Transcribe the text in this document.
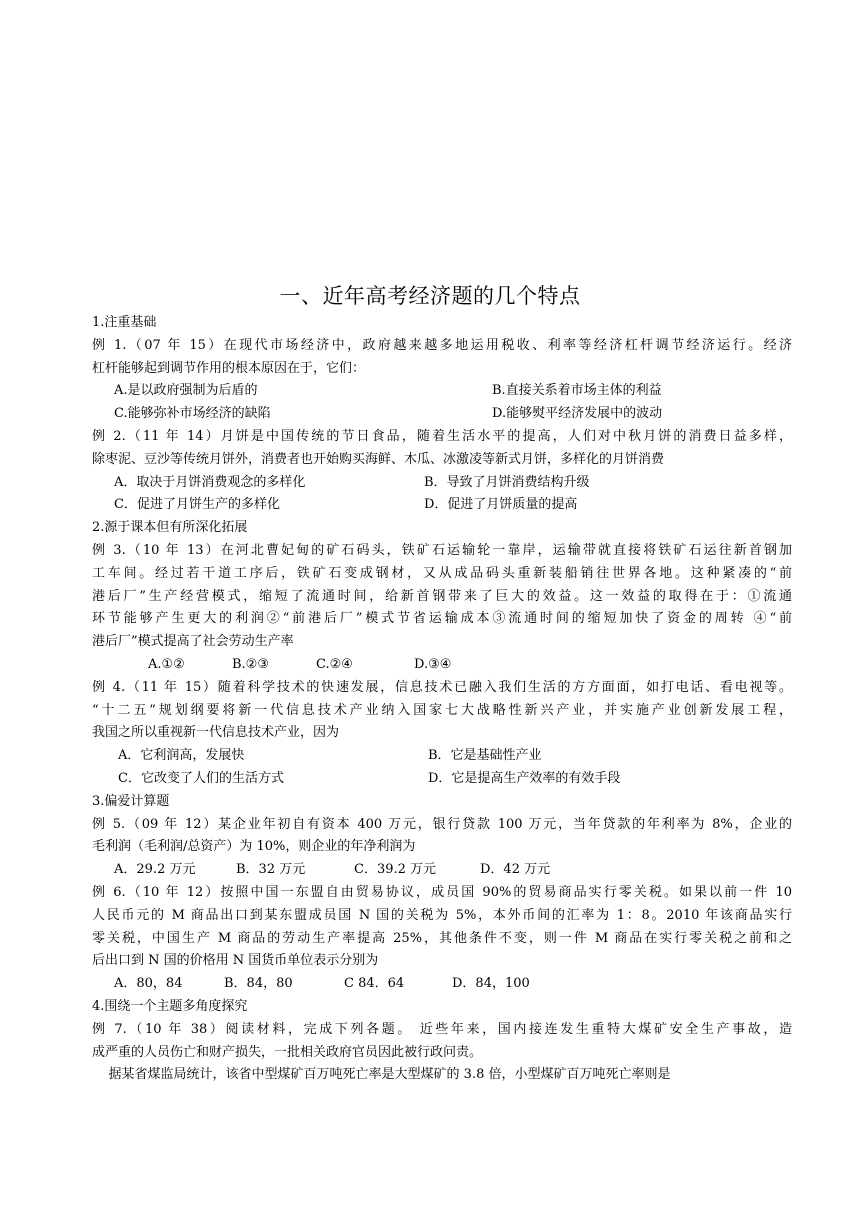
一、近年高考经济题的几个特点
1.注重基础
例 1.（07 年 15）在现代市场经济中，政府越来越多地运用税收、利率等经济杠杆调节经济运行。经济
杠杆能够起到调节作用的根本原因在于，它们：
A.是以政府强制为后盾的	B.直接关系着市场主体的利益
C.能够弥补市场经济的缺陷	D.能够熨平经济发展中的波动
例 2.（11 年 14）月饼是中国传统的节日食品，随着生活水平的提高，人们对中秋月饼的消费日益多样，
除枣泥、豆沙等传统月饼外，消费者也开始购买海鲜、木瓜、冰激凌等新式月饼，多样化的月饼消费
A．取决于月饼消费观念的多样化	B．导致了月饼消费结构升级
C．促进了月饼生产的多样化	D．促进了月饼质量的提高
2.源于课本但有所深化拓展
例 3.（10 年 13）在河北曹妃甸的矿石码头，铁矿石运输轮一靠岸，运输带就直接将铁矿石运往新首钢加
工车间。经过若干道工序后，铁矿石变成钢材，又从成品码头重新装船销往世界各地。这种紧凑的“前
港后厂”生产经营模式，缩短了流通时间，给新首钢带来了巨大的效益。这一效益的取得在于：①流通
环节能够产生更大的利润②“前港后厂”模式节省运输成本③流通时间的缩短加快了资金的周转 ④“前
港后厂”模式提高了社会劳动生产率
A.①②	B.②③	C.②④	D.③④
例 4.（11 年 15）随着科学技术的快速发展，信息技术已融入我们生活的方方面面，如打电话、看电视等。
“十二五”规划纲要将新一代信息技术产业纳入国家七大战略性新兴产业，并实施产业创新发展工程，
我国之所以重视新一代信息技术产业，因为
A．它利润高，发展快	B．它是基础性产业
C．它改变了人们的生活方式	D．它是提高生产效率的有效手段
3.偏爱计算题
例 5.（09 年 12）某企业年初自有资本 400 万元，银行贷款 100 万元，当年贷款的年利率为 8%，企业的
毛利润（毛利润/总资产）为 10%，则企业的年净利润为
A．29.2 万元	B．32 万元	C．39.2 万元	D．42 万元
例 6.（10 年 12）按照中国一东盟自由贸易协议，成员国 90%的贸易商品实行零关税。如果以前一件 10
人民币元的 M 商品出口到某东盟成员国 N 国的关税为 5%，本外币间的汇率为 1：8。2010 年该商品实行
零关税，中国生产 M 商品的劳动生产率提高 25%，其他条件不变，则一件 M 商品在实行零关税之前和之
后出口到 N 国的价格用 N 国货币单位表示分别为
A．80，84	B．84，80	C 84．64	D．84，100
4.围绕一个主题多角度探究
例 7.（10 年 38）阅读材料，完成下列各题。 近些年来，国内接连发生重特大煤矿安全生产事故，造
成严重的人员伤亡和财产损失，一批相关政府官员因此被行政问责。
据某省煤监局统计，该省中型煤矿百万吨死亡率是大型煤矿的 3.8 倍，小型煤矿百万吨死亡率则是
